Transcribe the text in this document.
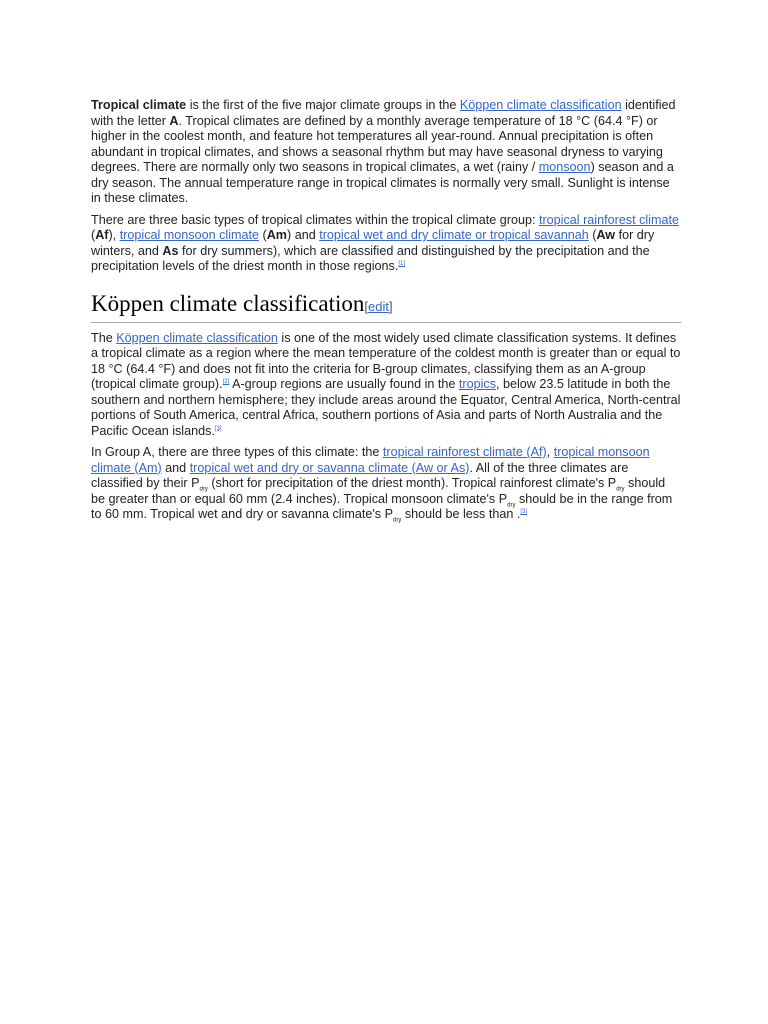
Tropical climate is the first of the five major climate groups in the Köppen climate classification identified with the letter A. Tropical climates are defined by a monthly average temperature of 18 °C (64.4 °F) or higher in the coolest month, and feature hot temperatures all year-round. Annual precipitation is often abundant in tropical climates, and shows a seasonal rhythm but may have seasonal dryness to varying degrees. There are normally only two seasons in tropical climates, a wet (rainy / monsoon) season and a dry season. The annual temperature range in tropical climates is normally very small. Sunlight is intense in these climates.

There are three basic types of tropical climates within the tropical climate group: tropical rainforest climate (Af), tropical monsoon climate (Am) and tropical wet and dry climate or tropical savannah (Aw for dry winters, and As for dry summers), which are classified and distinguished by the precipitation and the precipitation levels of the driest month in those regions.[1]

Köppen climate classification[edit]

The Köppen climate classification is one of the most widely used climate classification systems. It defines a tropical climate as a region where the mean temperature of the coldest month is greater than or equal to 18 °C (64.4 °F) and does not fit into the criteria for B-group climates, classifying them as an A-group (tropical climate group).[2] A-group regions are usually found in the tropics, below 23.5 latitude in both the southern and northern hemisphere; they include areas around the Equator, Central America, North-central portions of South America, central Africa, southern portions of Asia and parts of North Australia and the Pacific Ocean islands.[3]

In Group A, there are three types of this climate: the tropical rainforest climate (Af), tropical monsoon climate (Am) and tropical wet and dry or savanna climate (Aw or As). All of the three climates are classified by their $P_{dry}$ (short for precipitation of the driest month). Tropical rainforest climate's $P_{dry}$ should be greater than or equal 60 mm (2.4 inches). Tropical monsoon climate's $P_{dry}$ should be in the range from to 60 mm. Tropical wet and dry or savanna climate's $P_{dry}$ should be less than .[3]
